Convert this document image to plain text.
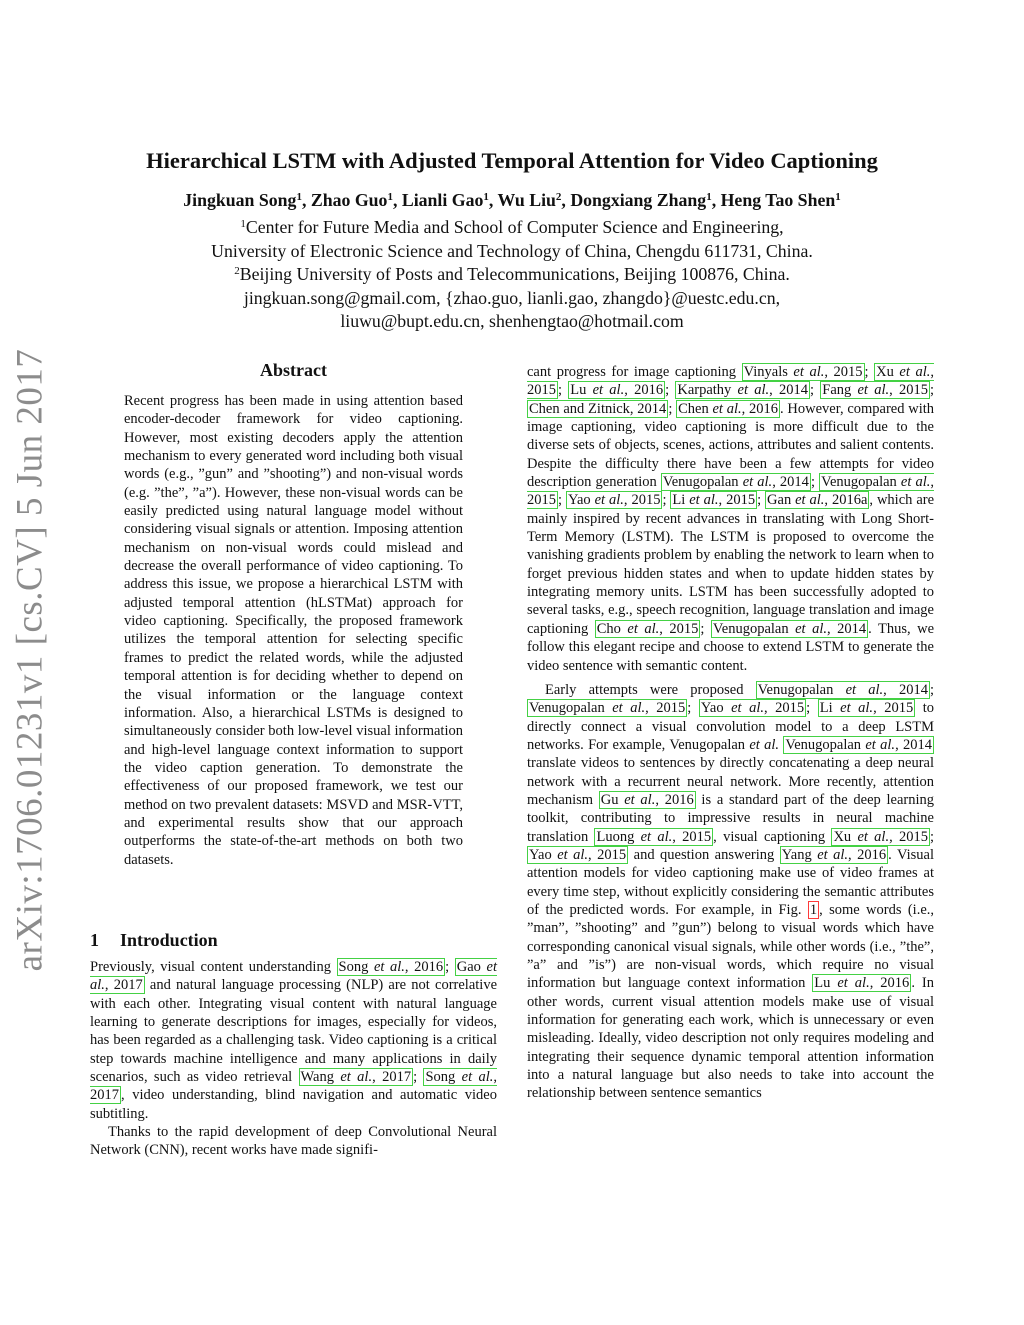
arXiv:1706.01231v1 [cs.CV] 5 Jun 2017
Hierarchical LSTM with Adjusted Temporal Attention for Video Captioning
Jingkuan Song$^1$, Zhao Guo$^1$, Lianli Gao$^1$, Wu Liu$^2$, Dongxiang Zhang$^1$, Heng Tao Shen$^1$
$^1$Center for Future Media and School of Computer Science and Engineering,
University of Electronic Science and Technology of China, Chengdu 611731, China.
$^2$Beijing University of Posts and Telecommunications, Beijing 100876, China.
jingkuan.song@gmail.com, {zhao.guo, lianli.gao, zhangdo}@uestc.edu.cn,
liuwu@bupt.edu.cn, shenhengtao@hotmail.com
Abstract
Recent progress has been made in using attention based encoder-decoder framework for video captioning. However, most existing decoders apply the attention mechanism to every generated word including both visual words (e.g., ”gun” and ”shooting”) and non-visual words (e.g. ”the”, ”a”). However, these non-visual words can be easily predicted using natural language model without considering visual signals or attention. Imposing attention mechanism on non-visual words could mislead and decrease the overall performance of video captioning. To address this issue, we propose a hierarchical LSTM with adjusted temporal attention (hLSTMat) approach for video captioning. Specifically, the proposed framework utilizes the temporal attention for selecting specific frames to predict the related words, while the adjusted temporal attention is for deciding whether to depend on the visual information or the language context information. Also, a hierarchical LSTMs is designed to simultaneously consider both low-level visual information and high-level language context information to support the video caption generation. To demonstrate the effectiveness of our proposed framework, we test our method on two prevalent datasets: MSVD and MSR-VTT, and experimental results show that our approach outperforms the state-of-the-art methods on both two datasets.
1 Introduction

Previously, visual content understanding Song et al., 2016 ; Gao et al., 2017 and natural language processing (NLP) are not correlative with each other. Integrating visual content with natural language learning to generate descriptions for images, especially for videos, has been regarded as a challenging task. Video captioning is a critical step towards machine intelligence and many applications in daily scenarios, such as video retrieval Wang et al., 2017 ; Song et al., 2017 , video understanding, blind navigation and automatic video subtitling.

Thanks to the rapid development of deep Convolutional Neural Network (CNN), recent works have made signifi-

cant progress for image captioning Vinyals et al., 2015 ; Xu et al., 2015 ; Lu et al., 2016 ; Karpathy et al., 2014 ; Fang et al., 2015 ; Chen and Zitnick, 2014 ; Chen et al., 2016 . However, compared with image captioning, video captioning is more difficult due to the diverse sets of objects, scenes, actions, attributes and salient contents. Despite the difficulty there have been a few attempts for video description generation Venugopalan et al., 2014 ; Venugopalan et al., 2015 ; Yao et al., 2015 ; Li et al., 2015 ; Gan et al., 2016a , which are mainly inspired by recent advances in translating with Long Short-Term Memory (LSTM). The LSTM is proposed to overcome the vanishing gradients problem by enabling the network to learn when to forget previous hidden states and when to update hidden states by integrating memory units. LSTM has been successfully adopted to several tasks, e.g., speech recognition, language translation and image captioning Cho et al., 2015 ; Venugopalan et al., 2014 . Thus, we follow this elegant recipe and choose to extend LSTM to generate the video sentence with semantic content.

Early attempts were proposed Venugopalan et al., 2014 ; Venugopalan et al., 2015 ; Yao et al., 2015 ; Li et al., 2015 to directly connect a visual convolution model to a deep LSTM networks. For example, Venugopalan et al. Venugopalan et al., 2014 translate videos to sentences by directly concatenating a deep neural network with a recurrent neural network. More recently, attention mechanism Gu et al., 2016 is a standard part of the deep learning toolkit, contributing to impressive results in neural machine translation Luong et al., 2015 , visual captioning Xu et al., 2015 ; Yao et al., 2015 and question answering Yang et al., 2016 . Visual attention models for video captioning make use of video frames at every time step, without explicitly considering the semantic attributes of the predicted words. For example, in Fig. 1 , some words (i.e., ”man”, ”shooting” and ”gun”) belong to visual words which have corresponding canonical visual signals, while other words (i.e., ”the”, ”a” and ”is”) are non-visual words, which require no visual information but language context information Lu et al., 2016 . In other words, current visual attention models make use of visual information for generating each work, which is unnecessary or even misleading. Ideally, video description not only requires modeling and integrating their sequence dynamic temporal attention information into a natural language but also needs to take into account the relationship between sentence semantics
